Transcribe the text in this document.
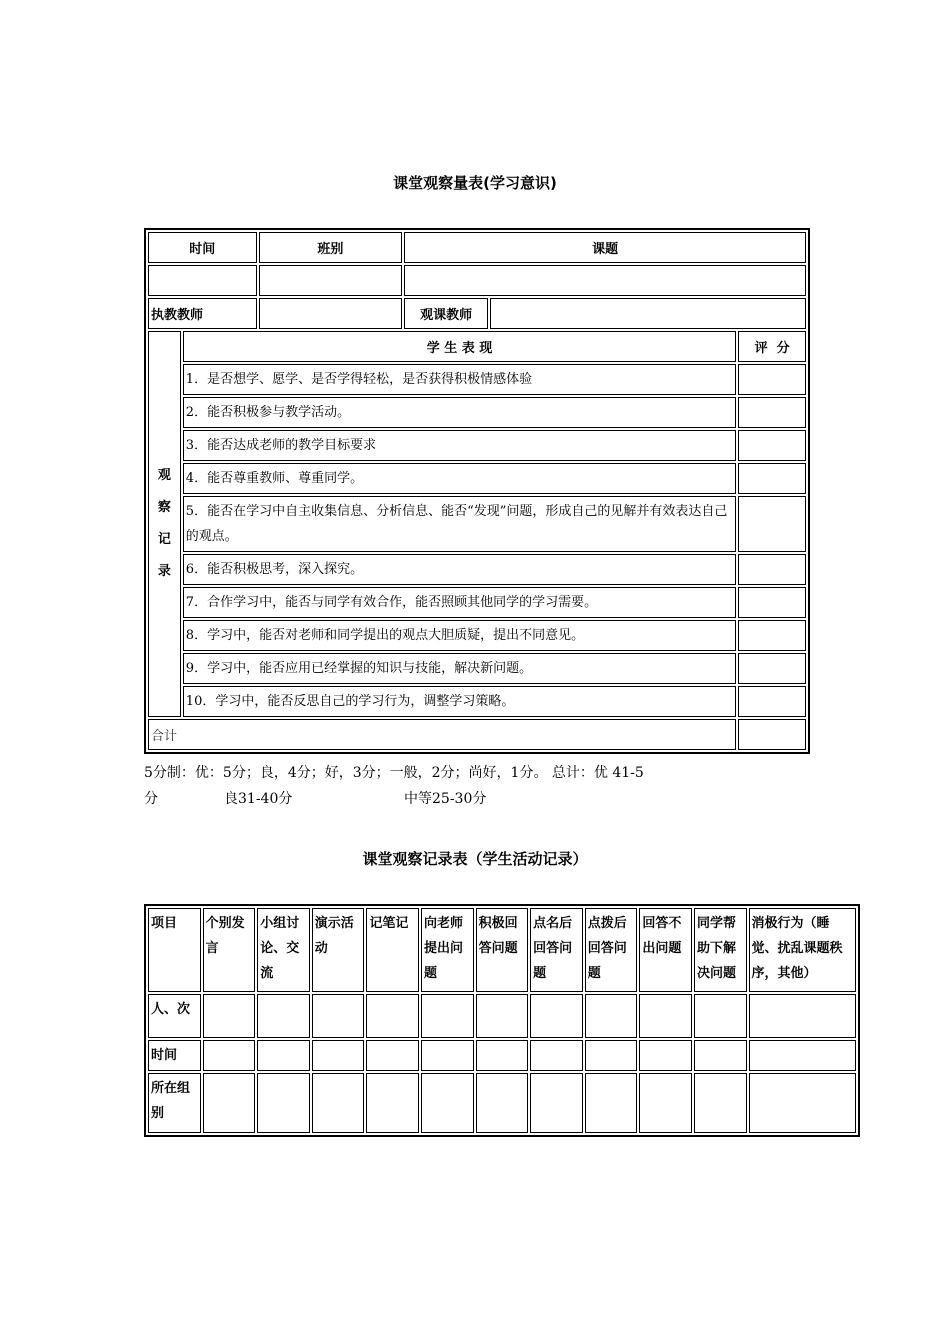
课堂观察量表(学习意识)
时间		班别	课题		

执教教师			观课教师		
观
察
记
录	学 生 表 现				评  分
	1．是否想学、愿学、是否学得轻松，是否获得积极情感体验				
	2．能否积极参与教学活动。				
	3．能否达成老师的教学目标要求				
	4．能否尊重教师、尊重同学。				
	5．能否在学习中自主收集信息、分析信息、能否“发现”问题，形成自己的见解并有效表达自己的观点。				
	6．能否积极思考，深入探究。				
	7．合作学习中，能否与同学有效合作，能否照顾其他同学的学习需要。				
	8．学习中，能否对老师和同学提出的观点大胆质疑，提出不同意见。				
	9．学习中，能否应用已经掌握的知识与技能，解决新问题。				
	10．学习中，能否反思自己的学习行为，调整学习策略。				
合计					
5分制：优：5分；良，4分；好，3分；一般，2分；尚好，1分。 总计：优 41-5
分	良31-40分	中等25-30分
课堂观察记录表（学生活动记录）
项目	个别发言	小组讨论、交流	演示活动	记笔记	向老师提出问题	积极回答问题	点名后回答问题	点拨后回答问题	回答不出问题	同学帮助下解决问题	消极行为（睡觉、扰乱课题秩序，其他）
人、次											
时间											
所在组别											
